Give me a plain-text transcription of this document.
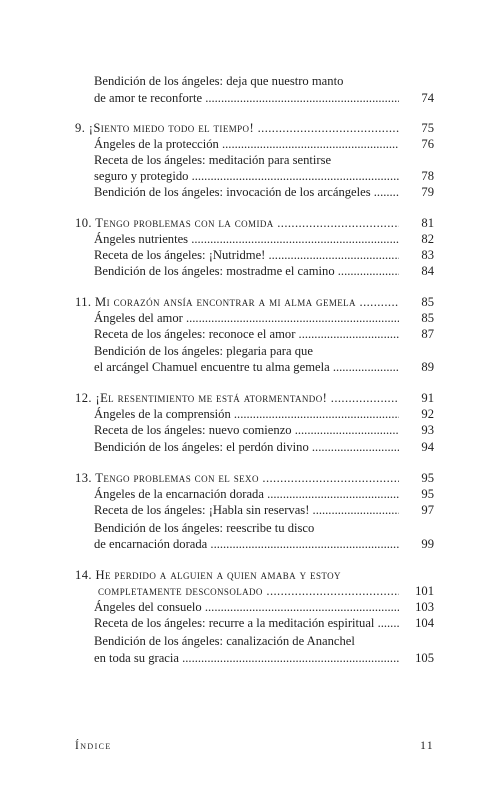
Bendición de los ángeles: deja que nuestro manto
de amor te reconforte .....	74
9. ¡Siento miedo todo el tiempo! .....	75
Ángeles de la protección .....	76
Receta de los ángeles: meditación para sentirse
seguro y protegido .....	78
Bendición de los ángeles: invocación de los arcángeles .....	79
10. Tengo problemas con la comida .....	81
Ángeles nutrientes .....	82
Receta de los ángeles: ¡Nutridme! .....	83
Bendición de los ángeles: mostradme el camino .....	84
11. Mi corazón ansía encontrar a mi alma gemela .....	85
Ángeles del amor .....	85
Receta de los ángeles: reconoce el amor .....	87
Bendición de los ángeles: plegaria para que
el arcángel Chamuel encuentre tu alma gemela .....	89
12. ¡El resentimiento me está atormentando! .....	91
Ángeles de la comprensión .....	92
Receta de los ángeles: nuevo comienzo .....	93
Bendición de los ángeles: el perdón divino .....	94
13. Tengo problemas con el sexo .....	95
Ángeles de la encarnación dorada .....	95
Receta de los ángeles: ¡Habla sin reservas! .....	97
Bendición de los ángeles: reescribe tu disco
de encarnación dorada .....	99
14. He perdido a alguien a quien amaba y estoy
completamente desconsolado .....	101
Ángeles del consuelo .....	103
Receta de los ángeles: recurre a la meditación espiritual .....	104
Bendición de los ángeles: canalización de Ananchel
en toda su gracia .....	105
Índice	11
